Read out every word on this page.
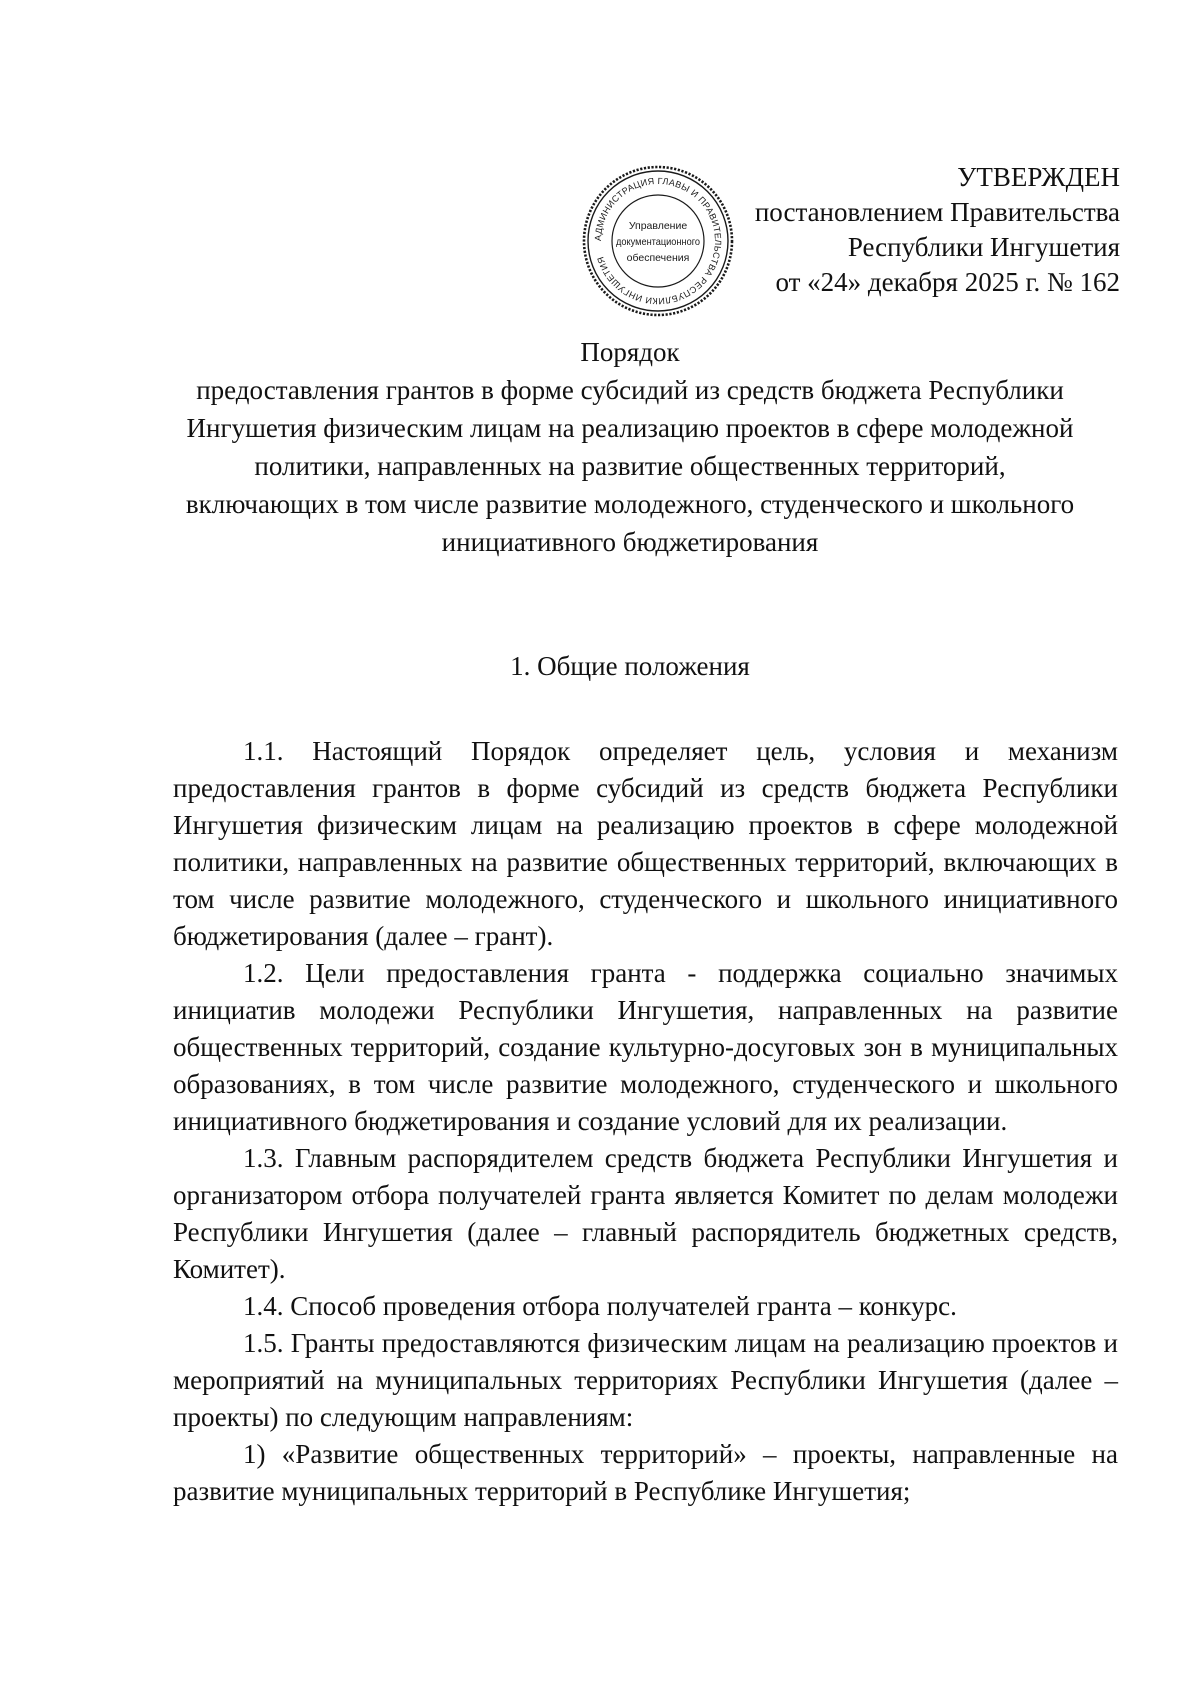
УТВЕРЖДЕН
постановлением Правительства
Республики Ингушетия
от «24» декабря 2025 г. № 162
АДМИНИСТРАЦИЯ ГЛАВЫ И ПРАВИТЕЛЬСТВА РЕСПУБЛИКИ ИНГУШЕТИЯ
Управление
документационного
обеспечения
Порядок
предоставления грантов в форме субсидий из средств бюджета Республики
Ингушетия физическим лицам на реализацию проектов в сфере молодежной
политики, направленных на развитие общественных территорий,
включающих в том числе развитие молодежного, студенческого и школьного
инициативного бюджетирования
1. Общие положения

1.1. Настоящий Порядок определяет цель, условия и механизм предоставления грантов в форме субсидий из средств бюджета Республики Ингушетия физическим лицам на реализацию проектов в сфере молодежной политики, направленных на развитие общественных территорий, включающих в том числе развитие молодежного, студенческого и школьного инициативного бюджетирования (далее – грант).

1.2. Цели предоставления гранта - поддержка социально значимых инициатив молодежи Республики Ингушетия, направленных на развитие общественных территорий, создание культурно-досуговых зон в муниципальных образованиях, в том числе развитие молодежного, студенческого и школьного инициативного бюджетирования и создание условий для их реализации.

1.3. Главным распорядителем средств бюджета Республики Ингушетия и организатором отбора получателей гранта является Комитет по делам молодежи Республики Ингушетия (далее – главный распорядитель бюджетных средств, Комитет).

1.4. Способ проведения отбора получателей гранта – конкурс.

1.5. Гранты предоставляются физическим лицам на реализацию проектов и мероприятий на муниципальных территориях Республики Ингушетия (далее – проекты) по следующим направлениям:

1) «Развитие общественных территорий» – проекты, направленные на развитие муниципальных территорий в Республике Ингушетия;
